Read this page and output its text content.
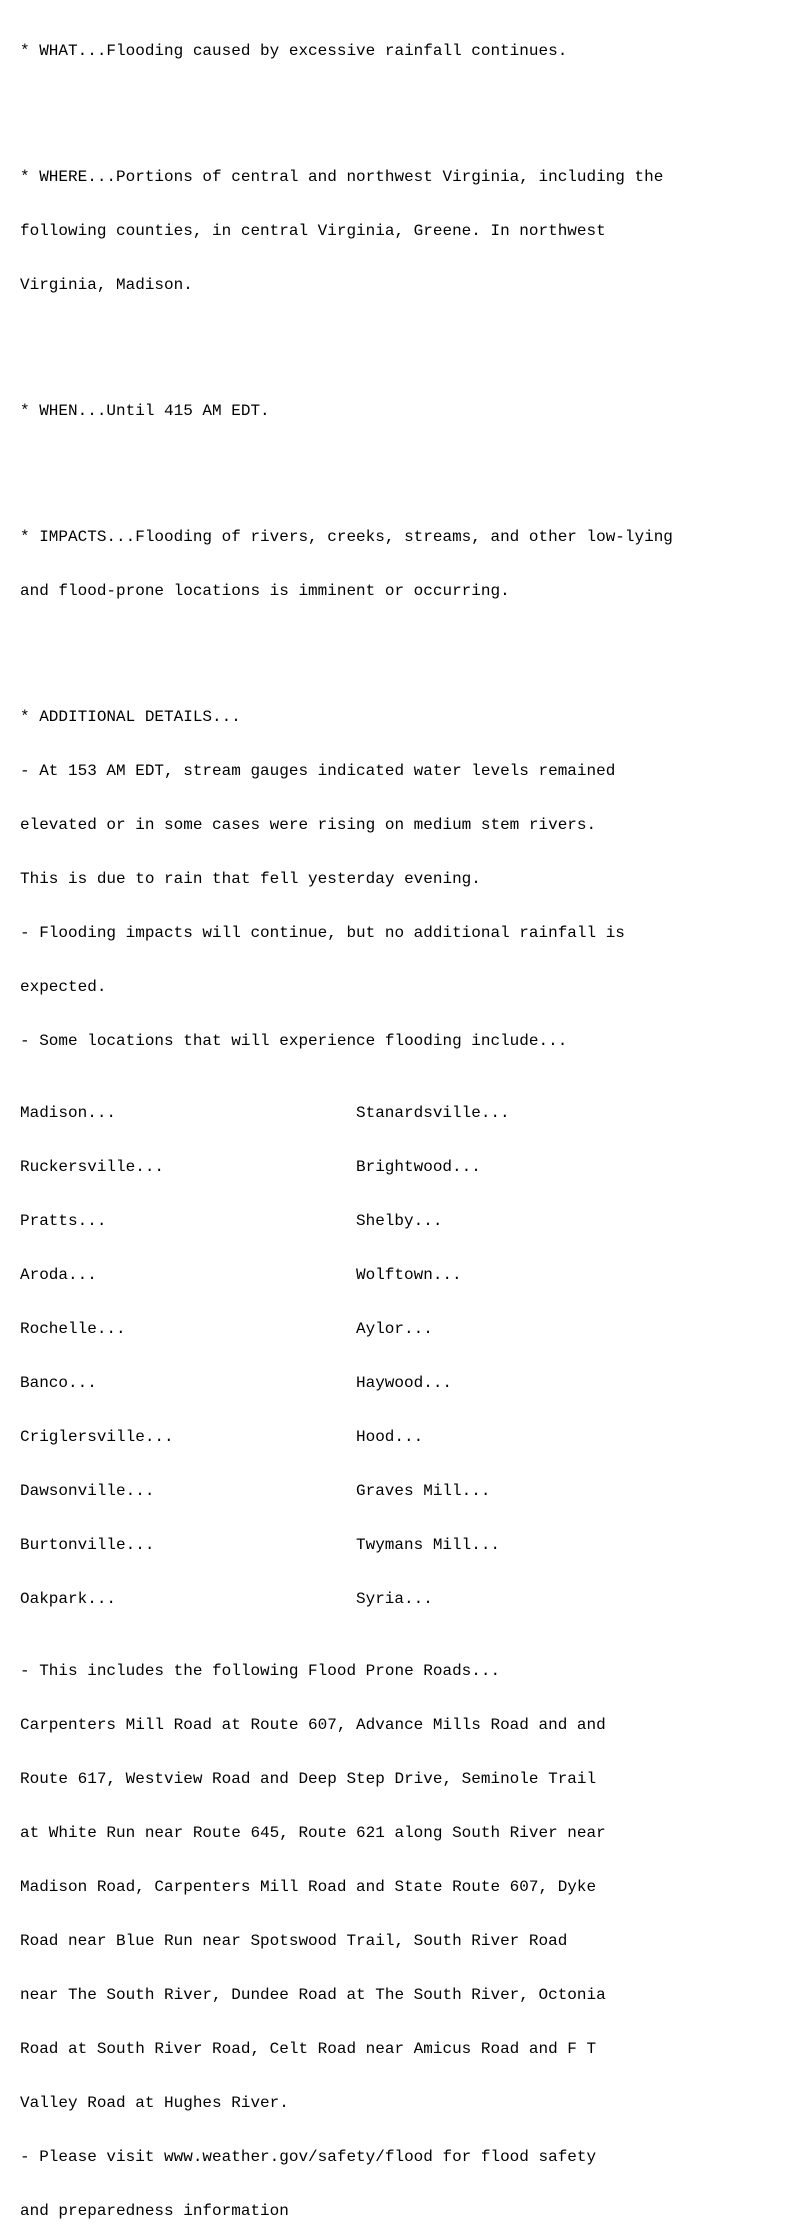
* WHAT...Flooding caused by excessive rainfall continues.

* WHERE...Portions of central and northwest Virginia, including the

following counties, in central Virginia, Greene. In northwest

Virginia, Madison.

* WHEN...Until 415 AM EDT.

* IMPACTS...Flooding of rivers, creeks, streams, and other low-lying

and flood-prone locations is imminent or occurring.

* ADDITIONAL DETAILS...

- At 153 AM EDT, stream gauges indicated water levels remained

elevated or in some cases were rising on medium stem rivers.

This is due to rain that fell yesterday evening.

- Flooding impacts will continue, but no additional rainfall is

expected.

- Some locations that will experience flooding include...

Madison...	Stanardsville...

Ruckersville...	Brightwood...

Pratts...	Shelby...

Aroda...	Wolftown...

Rochelle...	Aylor...

Banco...	Haywood...

Criglersville...	Hood...

Dawsonville...	Graves Mill...

Burtonville...	Twymans Mill...

Oakpark...	Syria...

- This includes the following Flood Prone Roads...

Carpenters Mill Road at Route 607, Advance Mills Road and and

Route 617, Westview Road and Deep Step Drive, Seminole Trail

at White Run near Route 645, Route 621 along South River near

Madison Road, Carpenters Mill Road and State Route 607, Dyke

Road near Blue Run near Spotswood Trail, South River Road

near The South River, Dundee Road at The South River, Octonia

Road at South River Road, Celt Road near Amicus Road and F T

Valley Road at Hughes River.

- Please visit www.weather.gov/safety/flood for flood safety

and preparedness information
